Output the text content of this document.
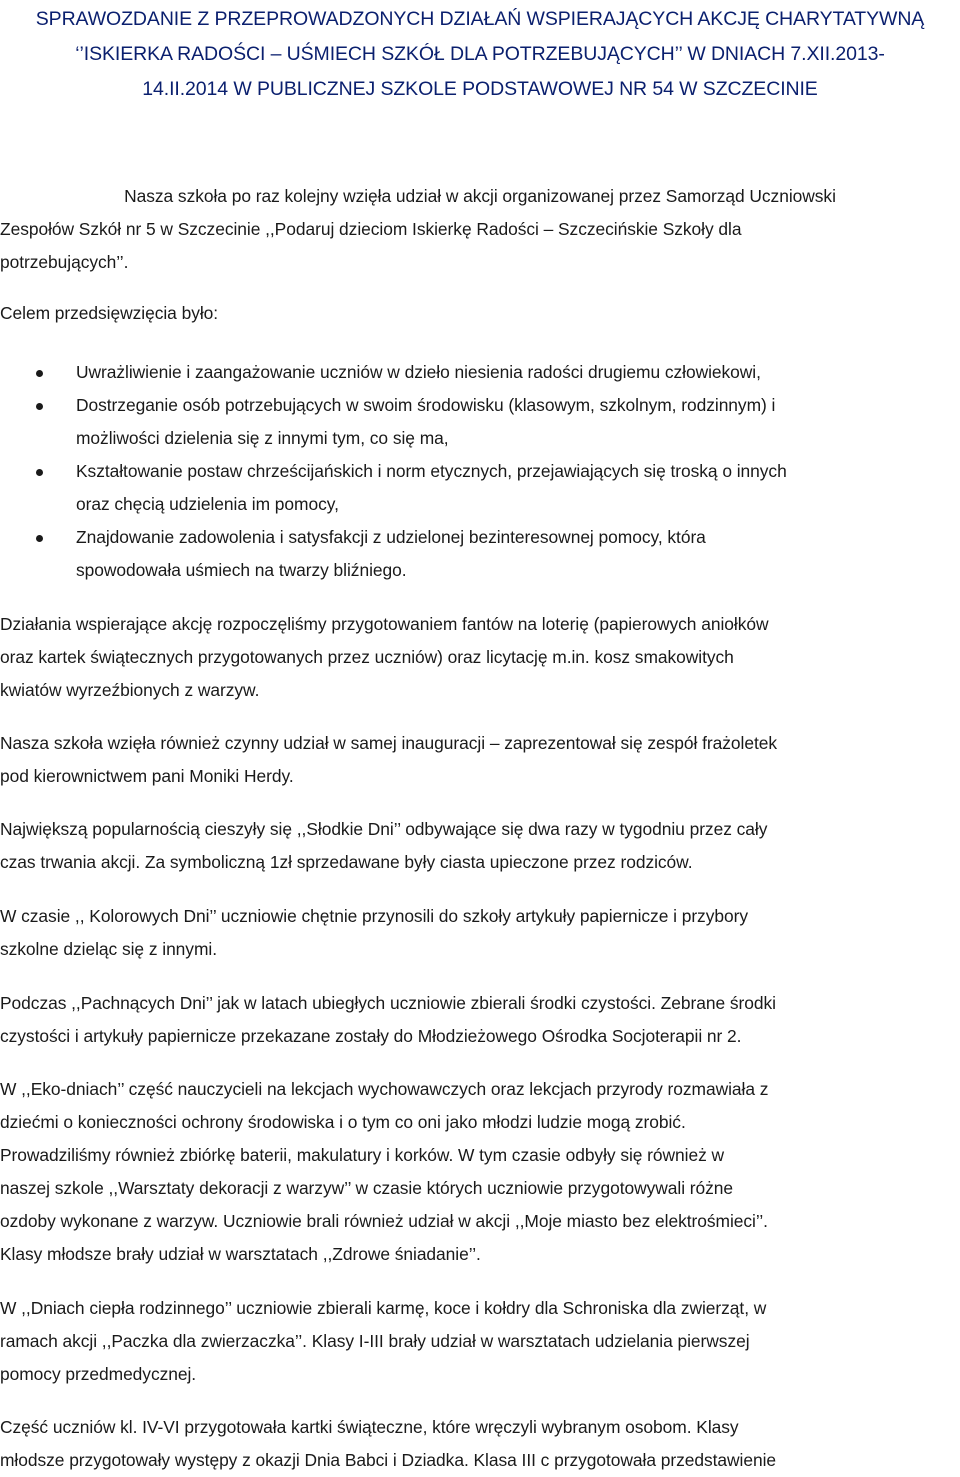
SPRAWOZDANIE Z PRZEPROWADZONYCH DZIAŁAŃ WSPIERAJĄCYCH AKCJĘ CHARYTATYWNĄ
‘’ISKIERKA RADOŚCI – UŚMIECH SZKÓŁ DLA POTRZEBUJĄCYCH’’ W DNIACH 7.XII.2013-
14.II.2014 W PUBLICZNEJ SZKOLE PODSTAWOWEJ NR 54 W SZCZECINIE

Nasza szkoła po raz kolejny wzięła udział w akcji organizowanej przez Samorząd Uczniowski
Zespołów Szkół nr 5 w Szczecinie ,,Podaruj dzieciom Iskierkę Radości – Szczecińskie Szkoły dla
potrzebujących’’.

Celem przedsięwzięcia było:

Uwrażliwienie i zaangażowanie uczniów w dzieło niesienia radości drugiemu człowiekowi,
Dostrzeganie osób potrzebujących w swoim środowisku (klasowym, szkolnym, rodzinnym) i
możliwości dzielenia się z innymi tym, co się ma,
Kształtowanie postaw chrześcijańskich i norm etycznych, przejawiających się troską o innych
oraz chęcią udzielenia im pomocy,
Znajdowanie zadowolenia i satysfakcji z udzielonej bezinteresownej pomocy, która
spowodowała uśmiech na twarzy bliźniego.

Działania wspierające akcję rozpoczęliśmy przygotowaniem fantów na loterię (papierowych aniołków
oraz kartek świątecznych przygotowanych przez uczniów) oraz licytację m.in. kosz smakowitych
kwiatów wyrzeźbionych z warzyw.

Nasza szkoła wzięła również czynny udział w samej inauguracji – zaprezentował się zespół frażoletek
pod kierownictwem pani Moniki Herdy.

Największą popularnością cieszyły się ,,Słodkie Dni’’ odbywające się dwa razy w tygodniu przez cały
czas trwania akcji. Za symboliczną 1zł sprzedawane były ciasta upieczone przez rodziców.

W czasie ,, Kolorowych Dni’’ uczniowie chętnie przynosili do szkoły artykuły papiernicze i przybory
szkolne dzieląc się z innymi.

Podczas ,,Pachnących Dni’’ jak w latach ubiegłych uczniowie zbierali środki czystości. Zebrane środki
czystości i artykuły papiernicze przekazane zostały do Młodzieżowego Ośrodka Socjoterapii nr 2.

W ,,Eko-dniach’’ część nauczycieli na lekcjach wychowawczych oraz lekcjach przyrody rozmawiała z
dziećmi o konieczności ochrony środowiska i o tym co oni jako młodzi ludzie mogą zrobić.
Prowadziliśmy również zbiórkę baterii, makulatury i korków. W tym czasie odbyły się również w
naszej szkole ,,Warsztaty dekoracji z warzyw’’ w czasie których uczniowie przygotowywali różne
ozdoby wykonane z warzyw. Uczniowie brali również udział w akcji ,,Moje miasto bez elektrośmieci’’.
Klasy młodsze brały udział w warsztatach ,,Zdrowe śniadanie’’.

W ,,Dniach ciepła rodzinnego’’ uczniowie zbierali karmę, koce i kołdry dla Schroniska dla zwierząt, w
ramach akcji ,,Paczka dla zwierzaczka’’. Klasy I-III brały udział w warsztatach udzielania pierwszej
pomocy przedmedycznej.

Część uczniów kl. IV-VI przygotowała kartki świąteczne, które wręczyli wybranym osobom. Klasy
młodsze przygotowały występy z okazji Dnia Babci i Dziadka. Klasa III c przygotowała przedstawienie
